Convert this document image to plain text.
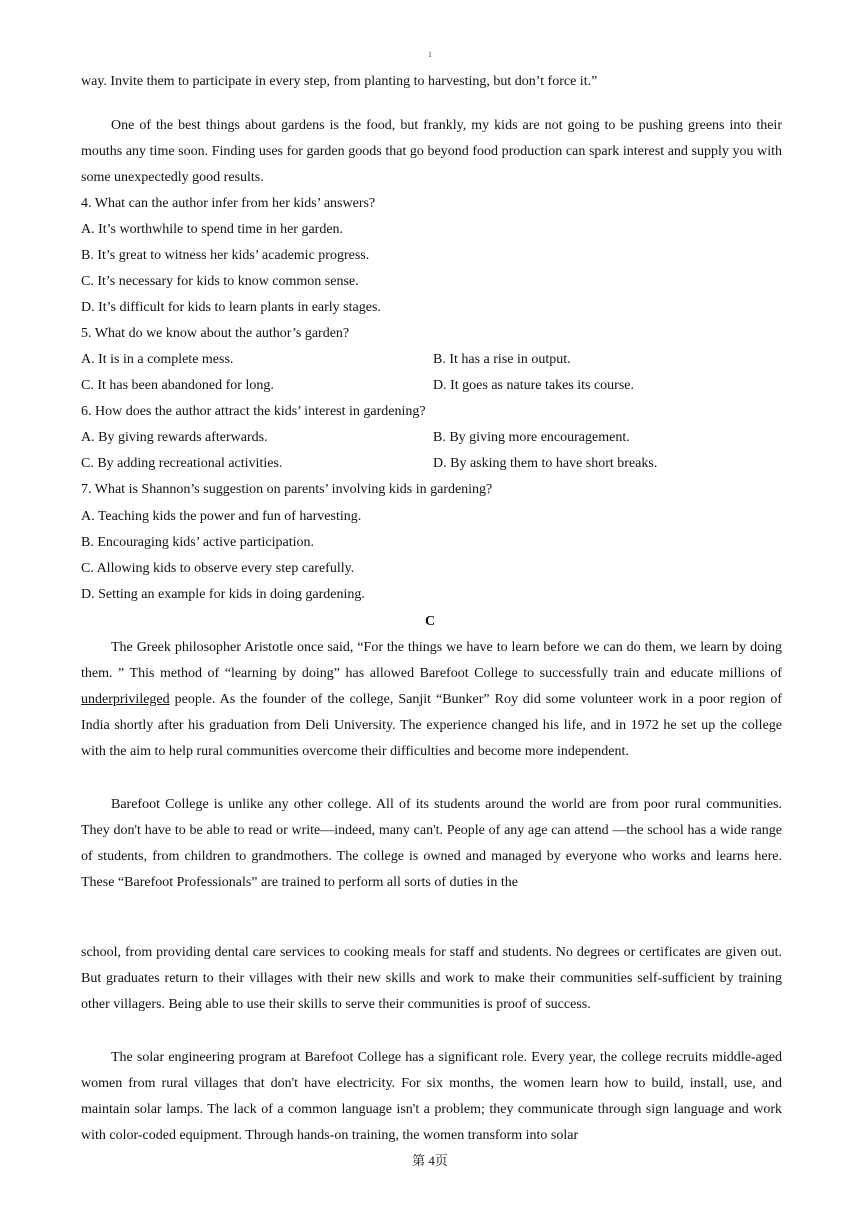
1
way. Invite them to participate in every step, from planting to harvesting, but don’t force it.”
One of the best things about gardens is the food, but frankly, my kids are not going to be pushing greens into their mouths any time soon. Finding uses for garden goods that go beyond food production can spark interest and supply you with some unexpectedly good results.
4. What can the author infer from her kids’ answers?
A. It’s worthwhile to spend time in her garden.
B. It’s great to witness her kids’ academic progress.
C. It’s necessary for kids to know common sense.
D. It’s difficult for kids to learn plants in early stages.
5. What do we know about the author’s garden?
A. It is in a complete mess.	B. It has a rise in output.
C. It has been abandoned for long.	D. It goes as nature takes its course.
6. How does the author attract the kids’ interest in gardening?
A. By giving rewards afterwards.	B. By giving more encouragement.
C. By adding recreational activities.	D. By asking them to have short breaks.
7. What is Shannon’s suggestion on parents’ involving kids in gardening?
A. Teaching kids the power and fun of harvesting.
B. Encouraging kids’ active participation.
C. Allowing kids to observe every step carefully.
D. Setting an example for kids in doing gardening.
C
The Greek philosopher Aristotle once said, “For the things we have to learn before we can do them, we learn by doing them. ” This method of “learning by doing” has allowed Barefoot College to successfully train and educate millions of underprivileged people. As the founder of the college, Sanjit “Bunker” Roy did some volunteer work in a poor region of India shortly after his graduation from Deli University. The experience changed his life, and in 1972 he set up the college with the aim to help rural communities overcome their difficulties and become more independent.
Barefoot College is unlike any other college. All of its students around the world are from poor rural communities. They don't have to be able to read or write—indeed, many can't. People of any age can attend —the school has a wide range of students, from children to grandmothers. The college is owned and managed by everyone who works and learns here. These “Barefoot Professionals” are trained to perform all sorts of duties in the
school, from providing dental care services to cooking meals for staff and students. No degrees or certificates are given out. But graduates return to their villages with their new skills and work to make their communities self-sufficient by training other villagers. Being able to use their skills to serve their communities is proof of success.
The solar engineering program at Barefoot College has a significant role. Every year, the college recruits middle-aged women from rural villages that don't have electricity. For six months, the women learn how to build, install, use, and maintain solar lamps. The lack of a common language isn't a problem; they communicate through sign language and work with color-coded equipment. Through hands-on training, the women transform into solar
第 4页
